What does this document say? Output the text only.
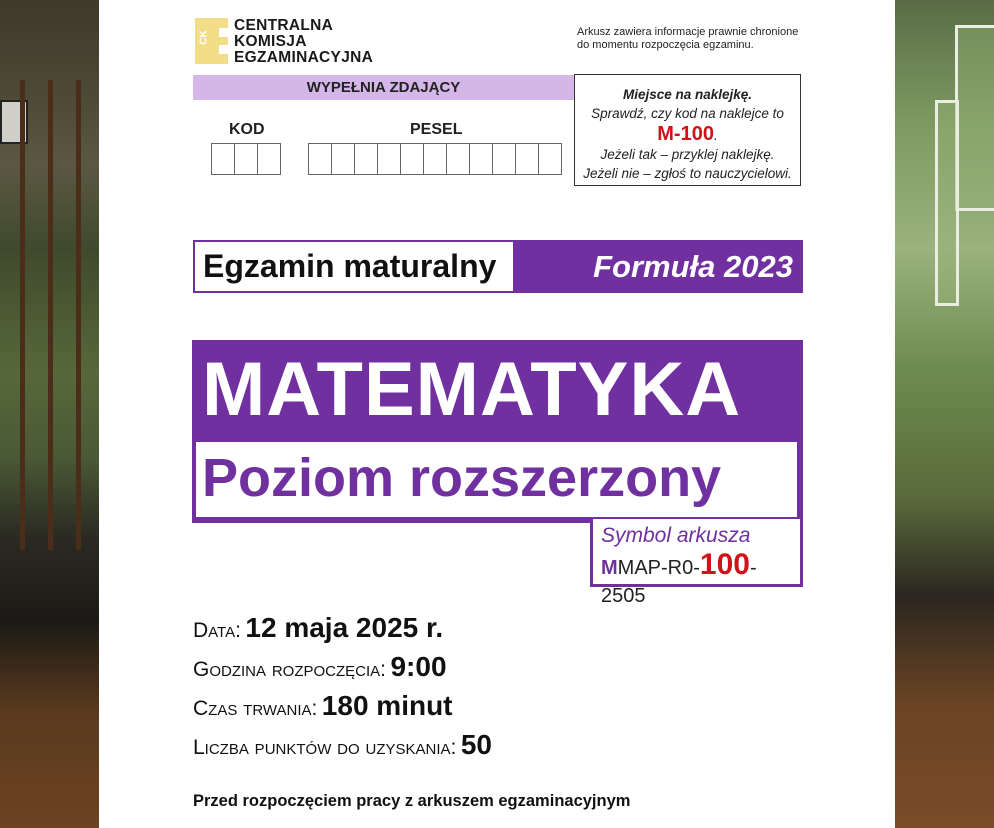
CK
CENTRALNA
KOMISJA
EGZAMINACYJNA
Arkusz zawiera informacje prawnie chronione
do momentu rozpoczęcia egzaminu.
WYPEŁNIA ZDAJĄCY
KOD	PESEL
Miejsce na naklejkę.
Sprawdź, czy kod na naklejce to
M-100.
Jeżeli tak – przyklej naklejkę.
Jeżeli nie – zgłoś to nauczycielowi.
Egzamin maturalny	Formuła 2023
MATEMATYKA
Poziom rozszerzony
Symbol arkusza
MMAP-R0-100-2505
Data: 12 maja 2025 r.
Godzina rozpoczęcia: 9:00
Czas trwania: 180 minut
Liczba punktów do uzyskania: 50
Przed rozpoczęciem pracy z arkuszem egzaminacyjnym
